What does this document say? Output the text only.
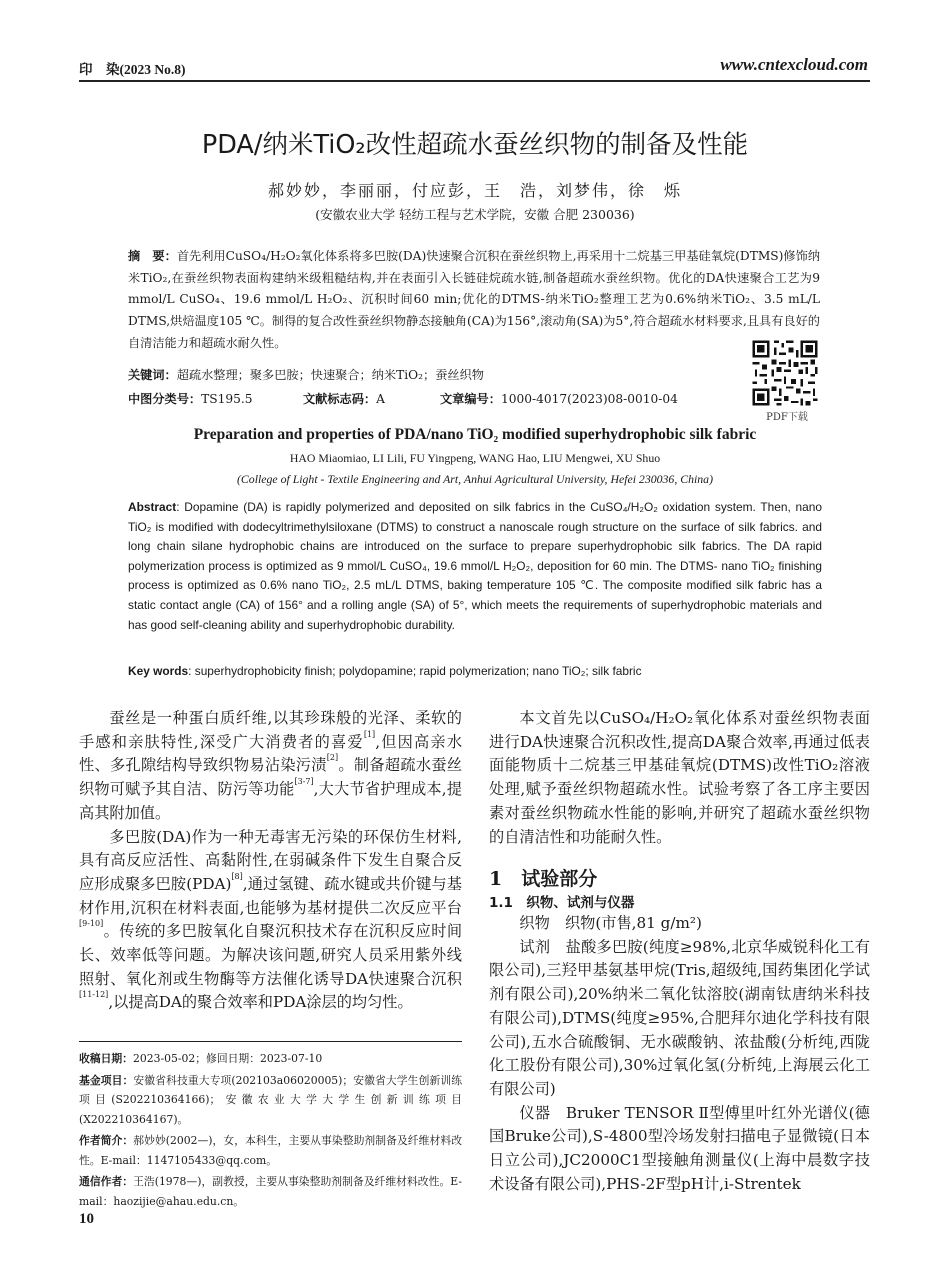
印　染(2023 No.8)	www.cntexcloud.com
PDA/纳米TiO₂改性超疏水蚕丝织物的制备及性能
郝妙妙，李丽丽，付应彭，王　浩，刘梦伟，徐　烁
(安徽农业大学 轻纺工程与艺术学院，安徽 合肥 230036)
摘　要：首先利用CuSO₄/H₂O₂氧化体系将多巴胺(DA)快速聚合沉积在蚕丝织物上,再采用十二烷基三甲基硅氧烷(DTMS)修饰纳米TiO₂,在蚕丝织物表面构建纳米级粗糙结构,并在表面引入长链硅烷疏水链,制备超疏水蚕丝织物。优化的DA快速聚合工艺为9 mmol/L CuSO₄、19.6 mmol/L H₂O₂、沉积时间60 min;优化的DTMS-纳米TiO₂整理工艺为0.6%纳米TiO₂、3.5 mL/L DTMS,烘焙温度105 ℃。制得的复合改性蚕丝织物静态接触角(CA)为156°,滚动角(SA)为5°,符合超疏水材料要求,且具有良好的自清洁能力和超疏水耐久性。
关键词：超疏水整理；聚多巴胺；快速聚合；纳米TiO₂；蚕丝织物
中图分类号：TS195.5	文献标志码：A	文章编号：1000-4017(2023)08-0010-04
PDF下载
Preparation and properties of PDA/nano TiO₂ modified superhydrophobic silk fabric
HAO Miaomiao, LI Lili, FU Yingpeng, WANG Hao, LIU Mengwei, XU Shuo
(College of Light - Textile Engineering and Art, Anhui Agricultural University, Hefei 230036, China)
Abstract: Dopamine (DA) is rapidly polymerized and deposited on silk fabrics in the CuSO₄/H₂O₂ oxidation system. Then, nano TiO₂ is modified with dodecyltrimethylsiloxane (DTMS) to construct a nanoscale rough structure on the surface of silk fabrics. and long chain silane hydrophobic chains are introduced on the surface to prepare superhydrophobic silk fabrics. The DA rapid polymerization process is optimized as 9 mmol/L CuSO₄, 19.6 mmol/L H₂O₂, deposition for 60 min. The DTMS- nano TiO₂ finishing process is optimized as 0.6% nano TiO₂, 2.5 mL/L DTMS, baking temperature 105 ℃. The composite modified silk fabric has a static contact angle (CA) of 156° and a rolling angle (SA) of 5°, which meets the requirements of superhydrophobic materials and has good self-cleaning ability and superhydrophobic durability.
Key words: superhydrophobicity finish; polydopamine; rapid polymerization; nano TiO₂; silk fabric

蚕丝是一种蛋白质纤维,以其珍珠般的光泽、柔软的手感和亲肤特性,深受广大消费者的喜爱[1],但因高亲水性、多孔隙结构导致织物易沾染污渍[2]。制备超疏水蚕丝织物可赋予其自洁、防污等功能[3-7],大大节省护理成本,提高其附加值。

多巴胺(DA)作为一种无毒害无污染的环保仿生材料,具有高反应活性、高黏附性,在弱碱条件下发生自聚合反应形成聚多巴胺(PDA)[8],通过氢键、疏水键或共价键与基材作用,沉积在材料表面,也能够为基材提供二次反应平台[9-10]。传统的多巴胺氧化自聚沉积技术存在沉积反应时间长、效率低等问题。为解决该问题,研究人员采用紫外线照射、氧化剂或生物酶等方法催化诱导DA快速聚合沉积[11-12],以提高DA的聚合效率和PDA涂层的均匀性。

收稿日期：2023-05-02；修回日期：2023-07-10

基金项目：安徽省科技重大专项(202103a06020005)；安徽省大学生创新训练项目(S202210364166)；安徽农业大学大学生创新训练项目(X202210364167)。

作者简介：郝妙妙(2002—)，女，本科生，主要从事染整助剂制备及纤维材料改性。E-mail：1147105433@qq.com。

通信作者：王浩(1978—)，副教授，主要从事染整助剂制备及纤维材料改性。E-mail：haozijie@ahau.edu.cn。

本文首先以CuSO₄/H₂O₂氧化体系对蚕丝织物表面进行DA快速聚合沉积改性,提高DA聚合效率,再通过低表面能物质十二烷基三甲基硅氧烷(DTMS)改性TiO₂溶液处理,赋予蚕丝织物超疏水性。试验考察了各工序主要因素对蚕丝织物疏水性能的影响,并研究了超疏水蚕丝织物的自清洁性和功能耐久性。

1　试验部分
1.1　织物、试剂与仪器

织物　织物(市售,81 g/m²)

试剂　盐酸多巴胺(纯度≥98%,北京华威锐科化工有限公司),三羟甲基氨基甲烷(Tris,超级纯,国药集团化学试剂有限公司),20%纳米二氧化钛溶胶(湖南钛唐纳米科技有限公司),DTMS(纯度≥95%,合肥拜尔迪化学科技有限公司),五水合硫酸铜、无水碳酸钠、浓盐酸(分析纯,西陇化工股份有限公司),30%过氧化氢(分析纯,上海展云化工有限公司)

仪器　Bruker TENSOR Ⅱ型傅里叶红外光谱仪(德国Bruke公司),S-4800型冷场发射扫描电子显微镜(日本日立公司),JC2000C1型接触角测量仪(上海中晨数字技术设备有限公司),PHS-2F型pH计,i-Strentek

10
